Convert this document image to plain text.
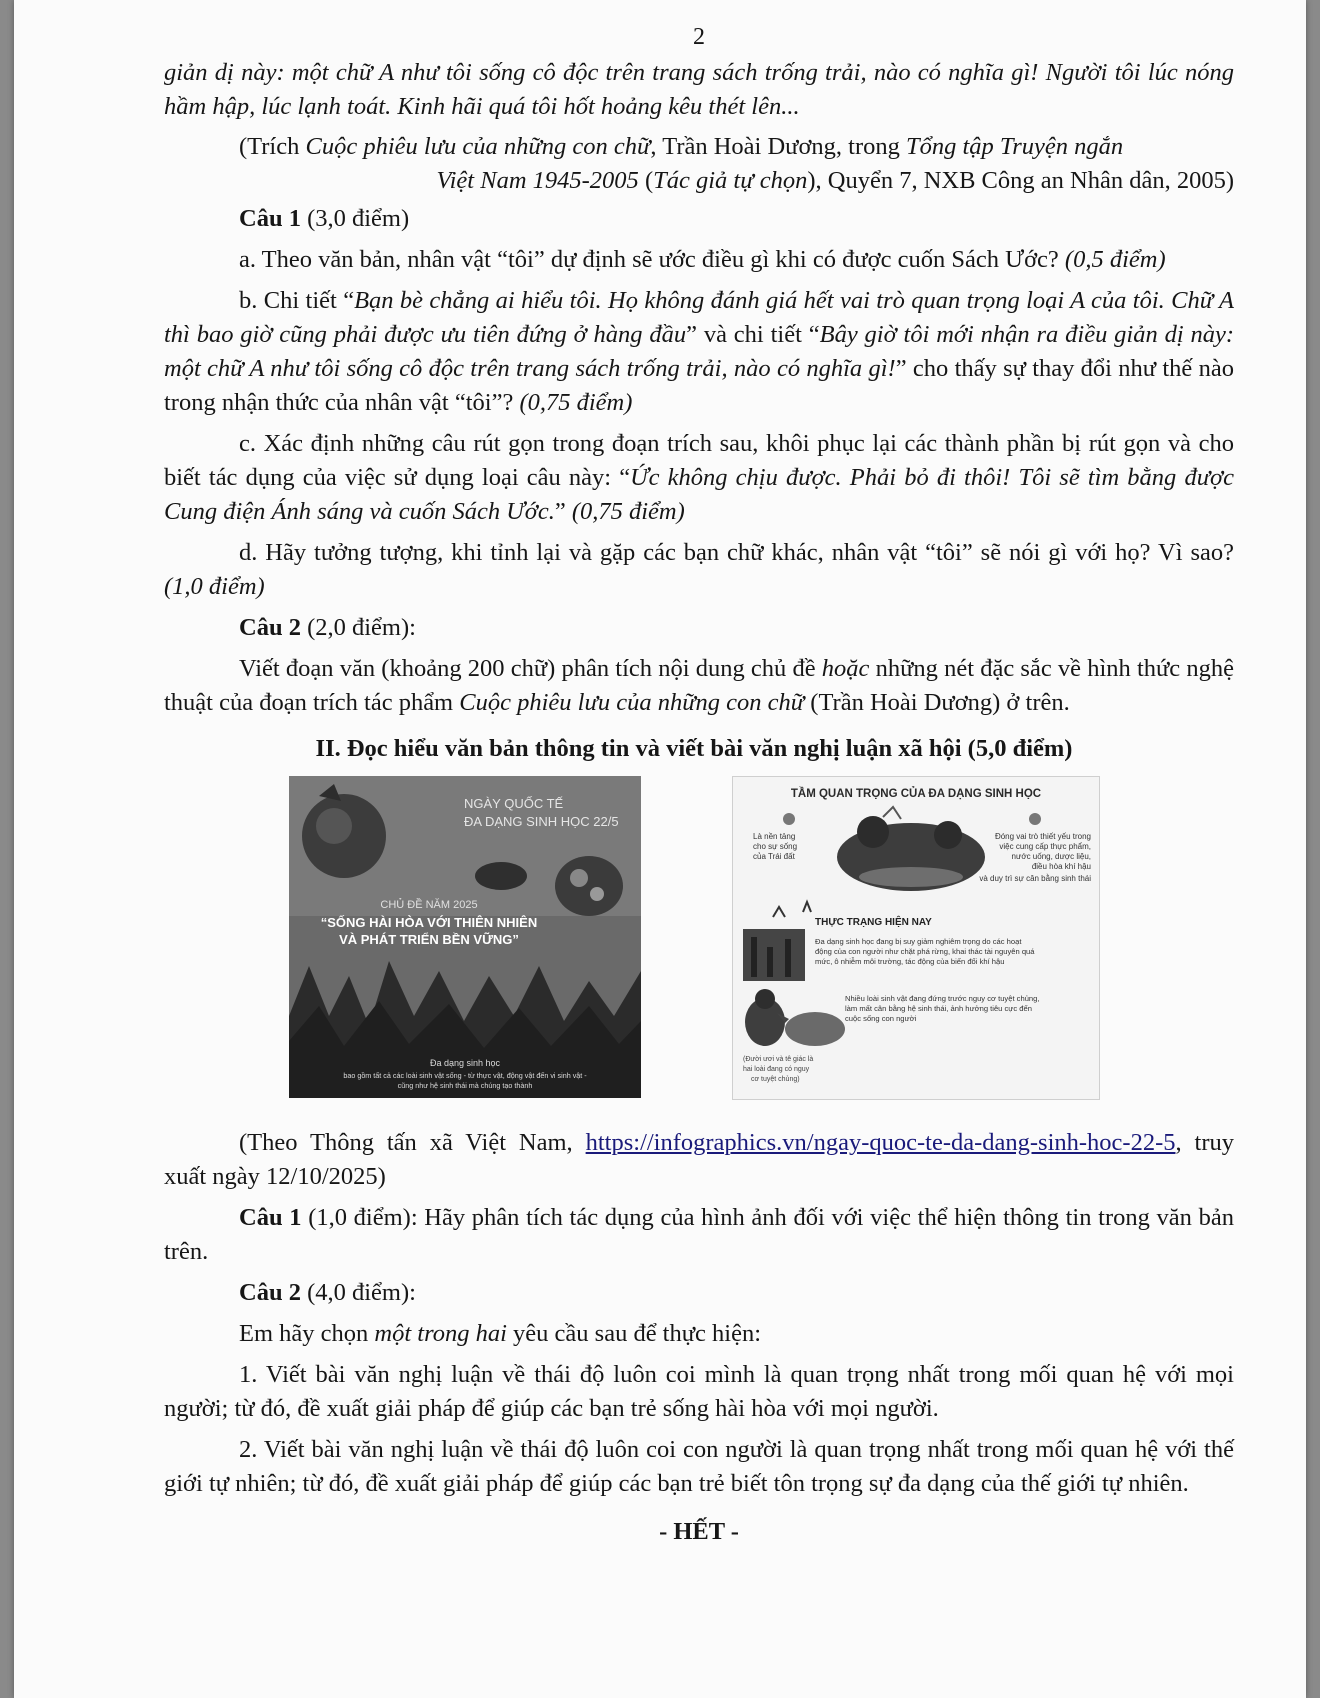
2

giản dị này: một chữ A như tôi sống cô độc trên trang sách trống trải, nào có nghĩa gì! Người tôi lúc nóng hầm hập, lúc lạnh toát. Kinh hãi quá tôi hốt hoảng kêu thét lên...

(Trích Cuộc phiêu lưu của những con chữ, Trần Hoài Dương, trong Tổng tập Truyện ngắn

Việt Nam 1945-2005 (Tác giả tự chọn), Quyển 7, NXB Công an Nhân dân, 2005)

Câu 1 (3,0 điểm)

a. Theo văn bản, nhân vật “tôi” dự định sẽ ước điều gì khi có được cuốn Sách Ước? (0,5 điểm)

b. Chi tiết “Bạn bè chẳng ai hiểu tôi. Họ không đánh giá hết vai trò quan trọng loại A của tôi. Chữ A thì bao giờ cũng phải được ưu tiên đứng ở hàng đầu” và chi tiết “Bây giờ tôi mới nhận ra điều giản dị này: một chữ A như tôi sống cô độc trên trang sách trống trải, nào có nghĩa gì!” cho thấy sự thay đổi như thế nào trong nhận thức của nhân vật “tôi”? (0,75 điểm)

c. Xác định những câu rút gọn trong đoạn trích sau, khôi phục lại các thành phần bị rút gọn và cho biết tác dụng của việc sử dụng loại câu này: “Ức không chịu được. Phải bỏ đi thôi! Tôi sẽ tìm bằng được Cung điện Ánh sáng và cuốn Sách Ước.” (0,75 điểm)

d. Hãy tưởng tượng, khi tỉnh lại và gặp các bạn chữ khác, nhân vật “tôi” sẽ nói gì với họ? Vì sao? (1,0 điểm)

Câu 2 (2,0 điểm):

Viết đoạn văn (khoảng 200 chữ) phân tích nội dung chủ đề hoặc những nét đặc sắc về hình thức nghệ thuật của đoạn trích tác phẩm Cuộc phiêu lưu của những con chữ (Trần Hoài Dương) ở trên.

II. Đọc hiểu văn bản thông tin và viết bài văn nghị luận xã hội (5,0 điểm)

NGÀY QUỐC TẾ
ĐA DẠNG SINH HỌC 22/5
CHỦ ĐỀ NĂM 2025
“SỐNG HÀI HÒA VỚI THIÊN NHIÊN
VÀ PHÁT TRIỂN BỀN VỮNG”
Đa dạng sinh học
bao gồm tất cả các loài sinh vật sống - từ thực vật, động vật đến vi sinh vật -
cũng như hệ sinh thái mà chúng tạo thành
TẦM QUAN TRỌNG CỦA ĐA DẠNG SINH HỌC
Là nền tảng
cho sự sống
của Trái đất
Đóng vai trò thiết yếu trong
việc cung cấp thực phẩm,
nước uống, dược liệu,
điều hòa khí hậu
và duy trì sự cân bằng sinh thái
THỰC TRẠNG HIỆN NAY
Đa dạng sinh học đang bị suy giảm nghiêm trọng do các hoạt
động của con người như chặt phá rừng, khai thác tài nguyên quá
mức, ô nhiễm môi trường, tác động của biến đổi khí hậu
Nhiều loài sinh vật đang đứng trước nguy cơ tuyệt chủng,
làm mất cân bằng hệ sinh thái, ảnh hưởng tiêu cực đến
cuộc sống con người
(Đười ươi và tê giác là
hai loài đang có nguy
cơ tuyệt chủng)

(Theo Thông tấn xã Việt Nam, https://infographics.vn/ngay-quoc-te-da-dang-sinh-hoc-22-5, truy xuất ngày 12/10/2025)

Câu 1 (1,0 điểm): Hãy phân tích tác dụng của hình ảnh đối với việc thể hiện thông tin trong văn bản trên.

Câu 2 (4,0 điểm):

Em hãy chọn một trong hai yêu cầu sau để thực hiện:

1. Viết bài văn nghị luận về thái độ luôn coi mình là quan trọng nhất trong mối quan hệ với mọi người; từ đó, đề xuất giải pháp để giúp các bạn trẻ sống hài hòa với mọi người.

2. Viết bài văn nghị luận về thái độ luôn coi con người là quan trọng nhất trong mối quan hệ với thế giới tự nhiên; từ đó, đề xuất giải pháp để giúp các bạn trẻ biết tôn trọng sự đa dạng của thế giới tự nhiên.

- HẾT -
